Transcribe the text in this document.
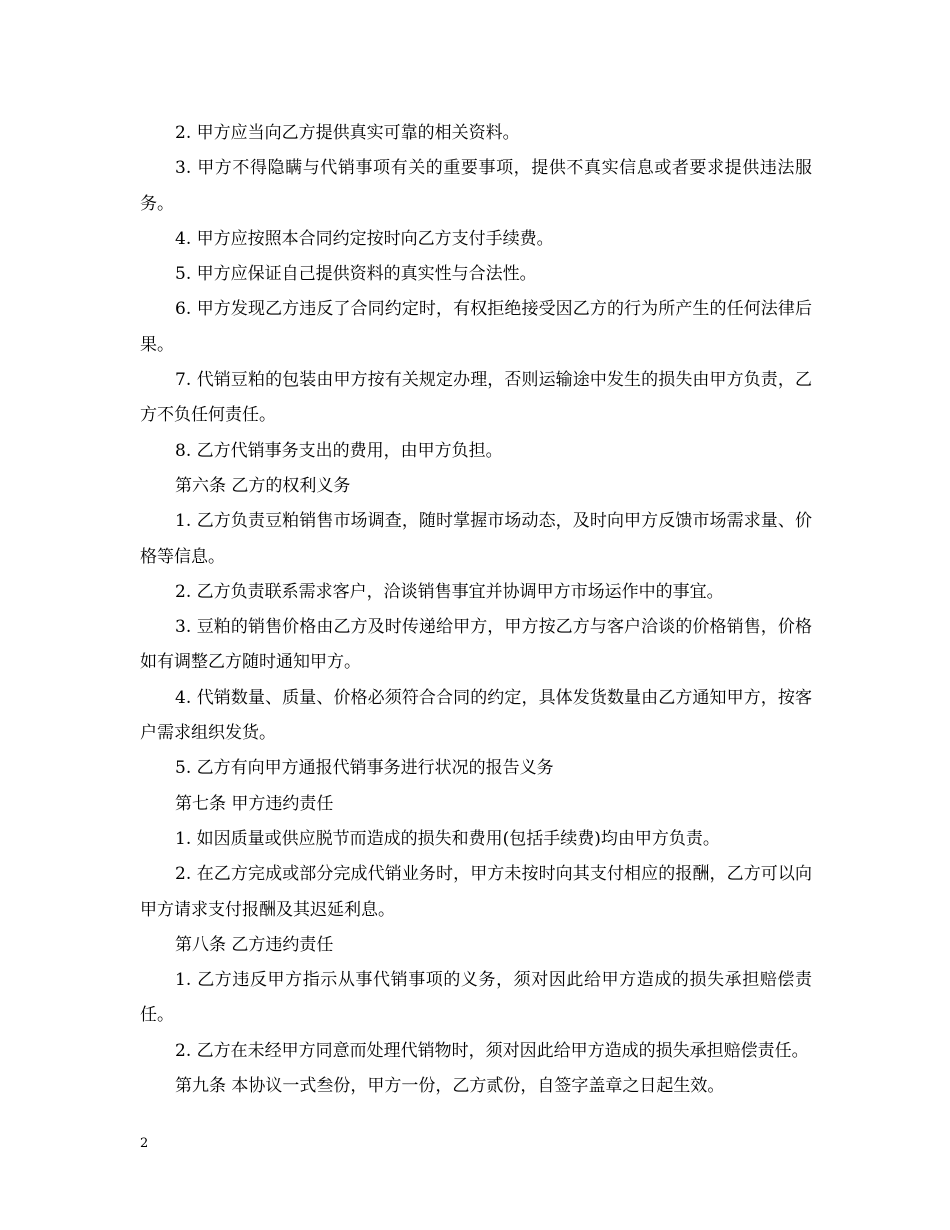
2. 甲方应当向乙方提供真实可靠的相关资料。

3. 甲方不得隐瞒与代销事项有关的重要事项，提供不真实信息或者要求提供违法服务。

4. 甲方应按照本合同约定按时向乙方支付手续费。

5. 甲方应保证自己提供资料的真实性与合法性。

6. 甲方发现乙方违反了合同约定时，有权拒绝接受因乙方的行为所产生的任何法律后果。

7. 代销豆粕的包装由甲方按有关规定办理，否则运输途中发生的损失由甲方负责，乙方不负任何责任。

8. 乙方代销事务支出的费用，由甲方负担。

第六条 乙方的权利义务

1. 乙方负责豆粕销售市场调查，随时掌握市场动态，及时向甲方反馈市场需求量、价格等信息。

2. 乙方负责联系需求客户，洽谈销售事宜并协调甲方市场运作中的事宜。

3. 豆粕的销售价格由乙方及时传递给甲方，甲方按乙方与客户洽谈的价格销售，价格如有调整乙方随时通知甲方。

4. 代销数量、质量、价格必须符合合同的约定，具体发货数量由乙方通知甲方，按客户需求组织发货。

5. 乙方有向甲方通报代销事务进行状况的报告义务

第七条 甲方违约责任

1. 如因质量或供应脱节而造成的损失和费用(包括手续费)均由甲方负责。

2. 在乙方完成或部分完成代销业务时，甲方未按时向其支付相应的报酬，乙方可以向甲方请求支付报酬及其迟延利息。

第八条 乙方违约责任

1. 乙方违反甲方指示从事代销事项的义务，须对因此给甲方造成的损失承担赔偿责任。

2. 乙方在未经甲方同意而处理代销物时，须对因此给甲方造成的损失承担赔偿责任。

第九条 本协议一式叁份，甲方一份，乙方贰份，自签字盖章之日起生效。

2
